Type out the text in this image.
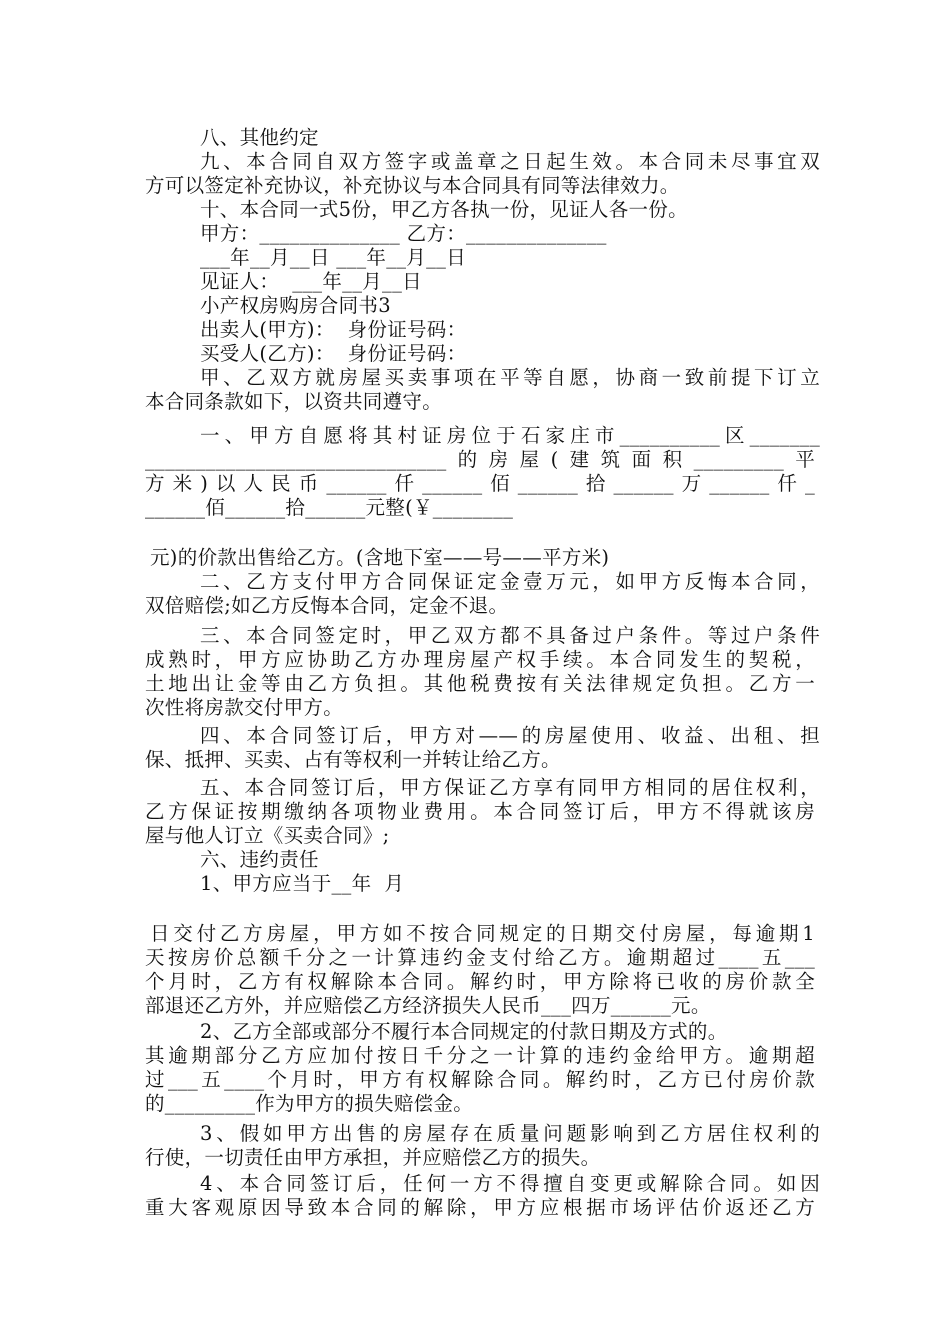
八、其他约定
九、本合同自双方签字或盖章之日起生效。本合同未尽事宜双
方可以签定补充协议，补充协议与本合同具有同等法律效力。
十、本合同一式5份，甲乙方各执一份，见证人各一份。
甲方：______________ 乙方：______________
___年__月__日 ___年__月__日
见证人：  ___年__月__日
小产权房购房合同书3
出卖人(甲方)：  身份证号码：
买受人(乙方)：  身份证号码：
甲、乙双方就房屋买卖事项在平等自愿，协商一致前提下订立
本合同条款如下，以资共同遵守。
一、甲方自愿将其村证房位于石家庄市__________区_______
______________________________的房屋(建筑面积_________平
方米)以人民币______仟______佰______拾______万______仟_
______佰______拾______元整(￥________
元)的价款出售给乙方。(含地下室——号——平方米)
二、乙方支付甲方合同保证定金壹万元，如甲方反悔本合同，
双倍赔偿;如乙方反悔本合同，定金不退。
三、本合同签定时，甲乙双方都不具备过户条件。等过户条件
成熟时，甲方应协助乙方办理房屋产权手续。本合同发生的契税，
土地出让金等由乙方负担。其他税费按有关法律规定负担。乙方一
次性将房款交付甲方。
四、本合同签订后，甲方对——的房屋使用、收益、出租、担
保、抵押、买卖、占有等权利一并转让给乙方。
五、本合同签订后，甲方保证乙方享有同甲方相同的居住权利，
乙方保证按期缴纳各项物业费用。本合同签订后，甲方不得就该房
屋与他人订立《买卖合同》;
六、违约责任
1、甲方应当于__年  月
日交付乙方房屋，甲方如不按合同规定的日期交付房屋，每逾期1
天按房价总额千分之一计算违约金支付给乙方。逾期超过____五___
个月时，乙方有权解除本合同。解约时，甲方除将已收的房价款全
部退还乙方外，并应赔偿乙方经济损失人民币___四万______元。
2、乙方全部或部分不履行本合同规定的付款日期及方式的。
其逾期部分乙方应加付按日千分之一计算的违约金给甲方。逾期超
过___五____个月时，甲方有权解除合同。解约时，乙方已付房价款
的_________作为甲方的损失赔偿金。
3、假如甲方出售的房屋存在质量问题影响到乙方居住权利的
行使，一切责任由甲方承担，并应赔偿乙方的损失。
4、本合同签订后，任何一方不得擅自变更或解除合同。如因
重大客观原因导致本合同的解除，甲方应根据市场评估价返还乙方
